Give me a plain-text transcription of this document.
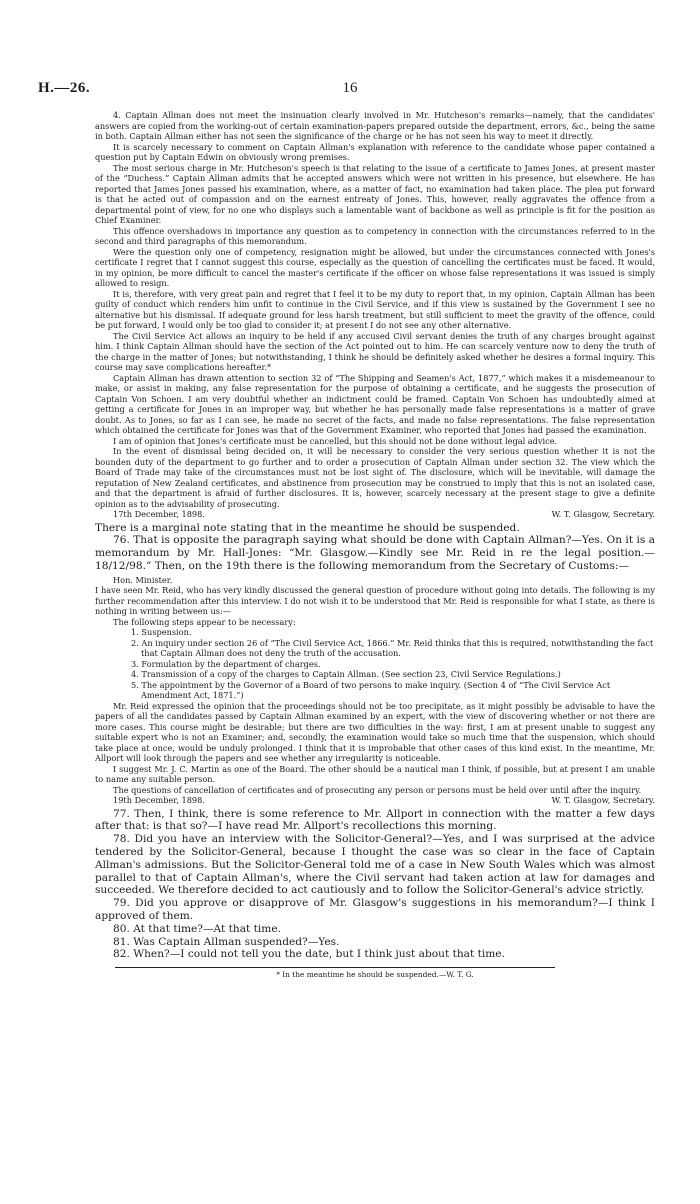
H.—26.	16

4. Captain Allman does not meet the insinuation clearly involved in Mr. Hutcheson's remarks—namely, that the candidates' answers are copied from the working-out of certain examination-papers prepared outside the department, errors, &c., being the same in both. Captain Allman either has not seen the significance of the charge or he has not seen his way to meet it directly.

It is scarcely necessary to comment on Captain Allman's explanation with reference to the candidate whose paper contained a question put by Captain Edwin on obviously wrong premises.

The most serious charge in Mr. Hutcheson's speech is that relating to the issue of a certificate to James Jones, at present master of the “Duchess.” Captain Allman admits that he accepted answers which were not written in his presence, but elsewhere. He has reported that James Jones passed his examination, where, as a matter of fact, no examination had taken place. The plea put forward is that he acted out of compassion and on the earnest entreaty of Jones. This, however, really aggravates the offence from a departmental point of view, for no one who displays such a lamentable want of backbone as well as principle is fit for the position as Chief Examiner.

This offence overshadows in importance any question as to competency in connection with the circumstances referred to in the second and third paragraphs of this memorandum.

Were the question only one of competency, resignation might be allowed, but under the circumstances connected with Jones's certificate I regret that I cannot suggest this course, especially as the question of cancelling the certificates must be faced. It would, in my opinion, be more difficult to cancel the master's certificate if the officer on whose false representations it was issued is simply allowed to resign.

It is, therefore, with very great pain and regret that I feel it to be my duty to report that, in my opinion, Captain Allman has been guilty of conduct which renders him unfit to continue in the Civil Service, and if this view is sustained by the Government I see no alternative but his dismissal. If adequate ground for less harsh treatment, but still sufficient to meet the gravity of the offence, could be put forward, I would only be too glad to consider it; at present I do not see any other alternative.

The Civil Service Act allows an inquiry to be held if any accused Civil servant denies the truth of any charges brought against him. I think Captain Allman should have the section of the Act pointed out to him. He can scarcely venture now to deny the truth of the charge in the matter of Jones; but notwithstanding, I think he should be definitely asked whether he desires a formal inquiry. This course may save complications hereafter.*

Captain Allman has drawn attention to section 32 of “The Shipping and Seamen's Act, 1877,” which makes it a misdemeanour to make, or assist in making, any false representation for the purpose of obtaining a certificate, and he suggests the prosecution of Captain Von Schoen. I am very doubtful whether an indictment could be framed. Captain Von Schoen has undoubtedly aimed at getting a certificate for Jones in an improper way, but whether he has personally made false representations is a matter of grave doubt. As to Jones, so far as I can see, he made no secret of the facts, and made no false representations. The false representation which obtained the certificate for Jones was that of the Government Examiner, who reported that Jones had passed the examination.

I am of opinion that Jones's certificate must be cancelled, but this should not be done without legal advice.

In the event of dismissal being decided on, it will be necessary to consider the very serious question whether it is not the bounden duty of the department to go further and to order a prosecution of Captain Allman under section 32. The view which the Board of Trade may take of the circumstances must not be lost sight of. The disclosure, which will be inevitable, will damage the reputation of New Zealand certificates, and abstinence from prosecution may be construed to imply that this is not an isolated case, and that the department is afraid of further disclosures. It is, however, scarcely necessary at the present stage to give a definite opinion as to the advisability of prosecuting.

17th December, 1898.	W. T. Glasgow, Secretary.

There is a marginal note stating that in the meantime he should be suspended.

76. That is opposite the paragraph saying what should be done with Captain Allman?—Yes. On it is a memorandum by Mr. Hall-Jones: “Mr. Glasgow.—Kindly see Mr. Reid in re the legal position.—18/12/98.” Then, on the 19th there is the following memorandum from the Secretary of Customs:—

Hon. Minister.

I have seen Mr. Reid, who has very kindly discussed the general question of procedure without going into details. The following is my further recommendation after this interview. I do not wish it to be understood that Mr. Reid is responsible for what I state, as there is nothing in writing between us:—

The following steps appear to be necessary:

1. Suspension.
2. An inquiry under section 26 of “The Civil Service Act, 1866.” Mr. Reid thinks that this is required, notwithstanding the fact that Captain Allman does not deny the truth of the accusation.
3. Formulation by the department of charges.
4. Transmission of a copy of the charges to Captain Allman. (See section 23, Civil Service Regulations.)
5. The appointment by the Governor of a Board of two persons to make inquiry. (Section 4 of “The Civil Service Act Amendment Act, 1871.”)

Mr. Reid expressed the opinion that the proceedings should not be too precipitate, as it might possibly be advisable to have the papers of all the candidates passed by Captain Allman examined by an expert, with the view of discovering whether or not there are more cases. This course might be desirable; but there are two difficulties in the way: first, I am at present unable to suggest any suitable expert who is not an Examiner; and, secondly, the examination would take so much time that the suspension, which should take place at once, would be unduly prolonged. I think that it is improbable that other cases of this kind exist. In the meantime, Mr. Allport will look through the papers and see whether any irregularity is noticeable.

I suggest Mr. J. C. Martin as one of the Board. The other should be a nautical man I think, if possible, but at present I am unable to name any suitable person.

The questions of cancellation of certificates and of prosecuting any person or persons must be held over until after the inquiry.

19th December, 1898.	W. T. Glasgow, Secretary.

77. Then, I think, there is some reference to Mr. Allport in connection with the matter a few days after that: is that so?—I have read Mr. Allport's recollections this morning.

78. Did you have an interview with the Solicitor-General?—Yes, and I was surprised at the advice tendered by the Solicitor-General, because I thought the case was so clear in the face of Captain Allman's admissions. But the Solicitor-General told me of a case in New South Wales which was almost parallel to that of Captain Allman's, where the Civil servant had taken action at law for damages and succeeded. We therefore decided to act cautiously and to follow the Solicitor-General's advice strictly.

79. Did you approve or disapprove of Mr. Glasgow's suggestions in his memorandum?—I think I approved of them.

80. At that time?—At that time.

81. Was Captain Allman suspended?—Yes.

82. When?—I could not tell you the date, but I think just about that time.

* In the meantime he should be suspended.—W. T. G.
